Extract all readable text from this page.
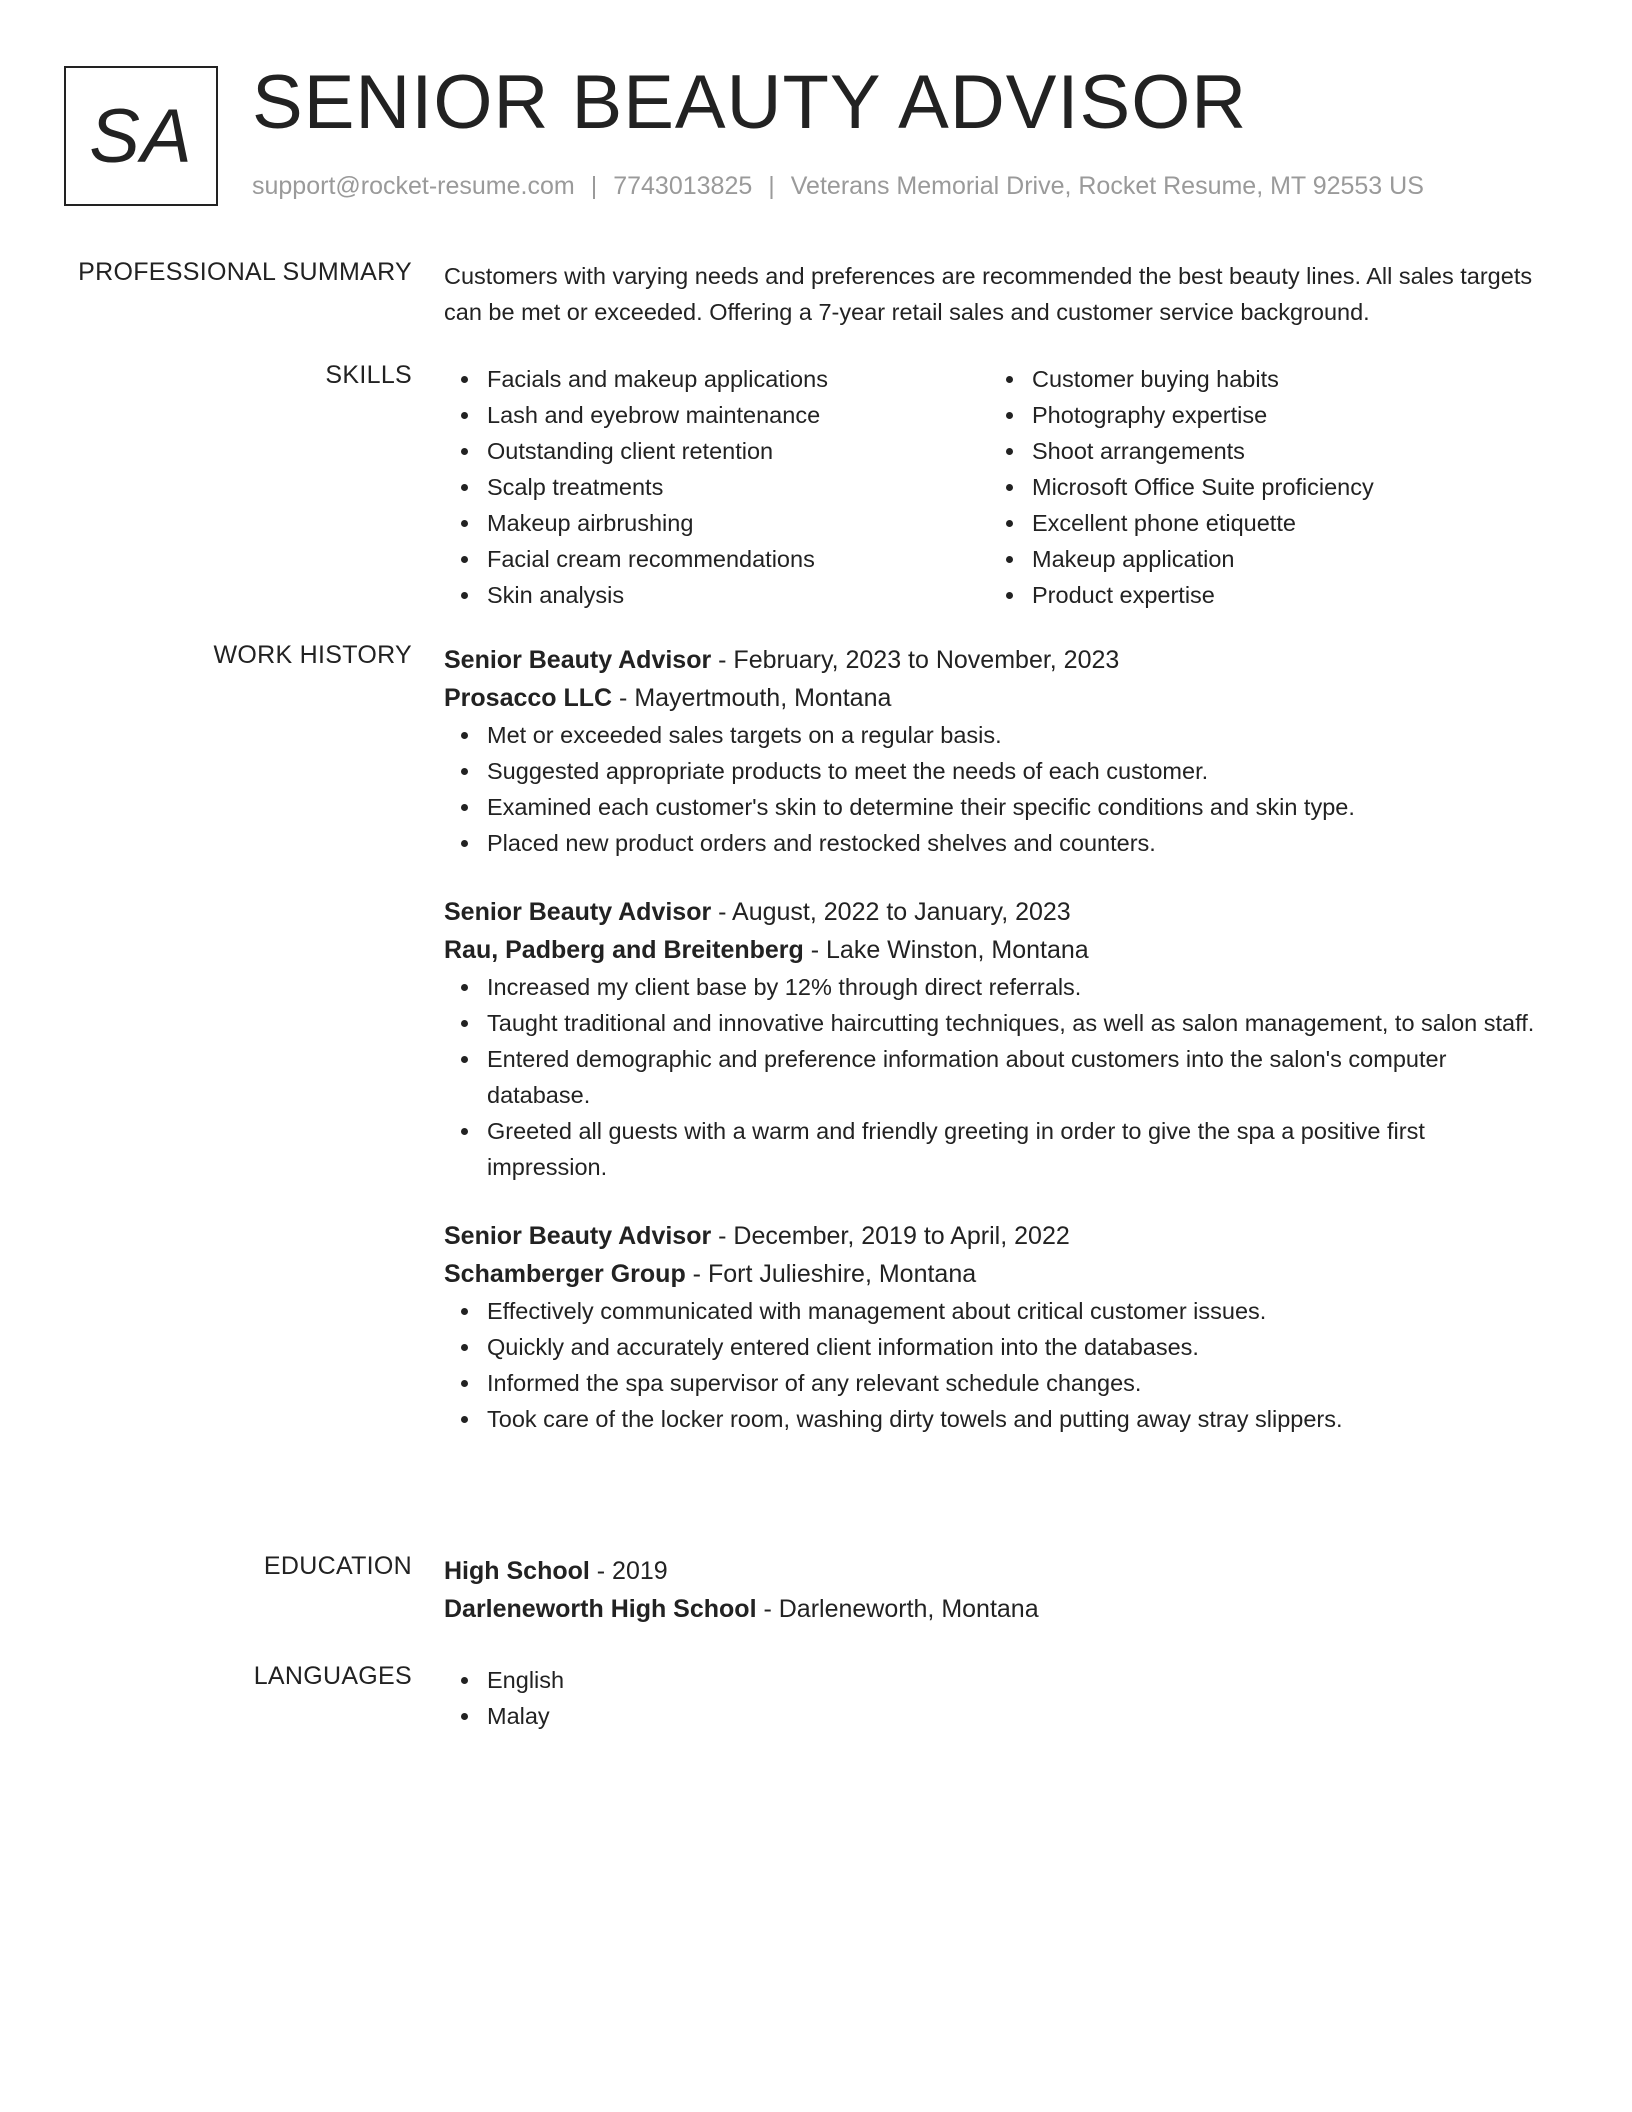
SA SENIOR BEAUTY ADVISOR
support@rocket-resume.com | 7743013825 | Veterans Memorial Drive, Rocket Resume, MT 92553 US
PROFESSIONAL SUMMARY Customers with varying needs and preferences are recommended the best beauty lines. All sales targets can be met or exceeded. Offering a 7-year retail sales and customer service background.

SKILLS	Facials and makeup applications
Lash and eyebrow maintenance
Outstanding client retention
Scalp treatments
Makeup airbrushing
Facial cream recommendations
Skin analysis
Customer buying habits
Photography expertise
Shoot arrangements
Microsoft Office Suite proficiency
Excellent phone etiquette
Makeup application
Product expertise
WORK HISTORY Senior Beauty Advisor - February, 2023 to November, 2023
Prosacco LLC - Mayertmouth, Montana
Met or exceeded sales targets on a regular basis.
Suggested appropriate products to meet the needs of each customer.
Examined each customer's skin to determine their specific conditions and skin type.
Placed new product orders and restocked shelves and counters.
Senior Beauty Advisor - August, 2022 to January, 2023
Rau, Padberg and Breitenberg - Lake Winston, Montana
Increased my client base by 12% through direct referrals.
Taught traditional and innovative haircutting techniques, as well as salon management, to salon staff.
Entered demographic and preference information about customers into the salon's computer database.
Greeted all guests with a warm and friendly greeting in order to give the spa a positive first impression.
Senior Beauty Advisor - December, 2019 to April, 2022
Schamberger Group - Fort Julieshire, Montana
Effectively communicated with management about critical customer issues.
Quickly and accurately entered client information into the databases.
Informed the spa supervisor of any relevant schedule changes.
Took care of the locker room, washing dirty towels and putting away stray slippers.
EDUCATION High School - 2019
Darleneworth High School - Darleneworth, Montana
LANGUAGES	English
Malay
